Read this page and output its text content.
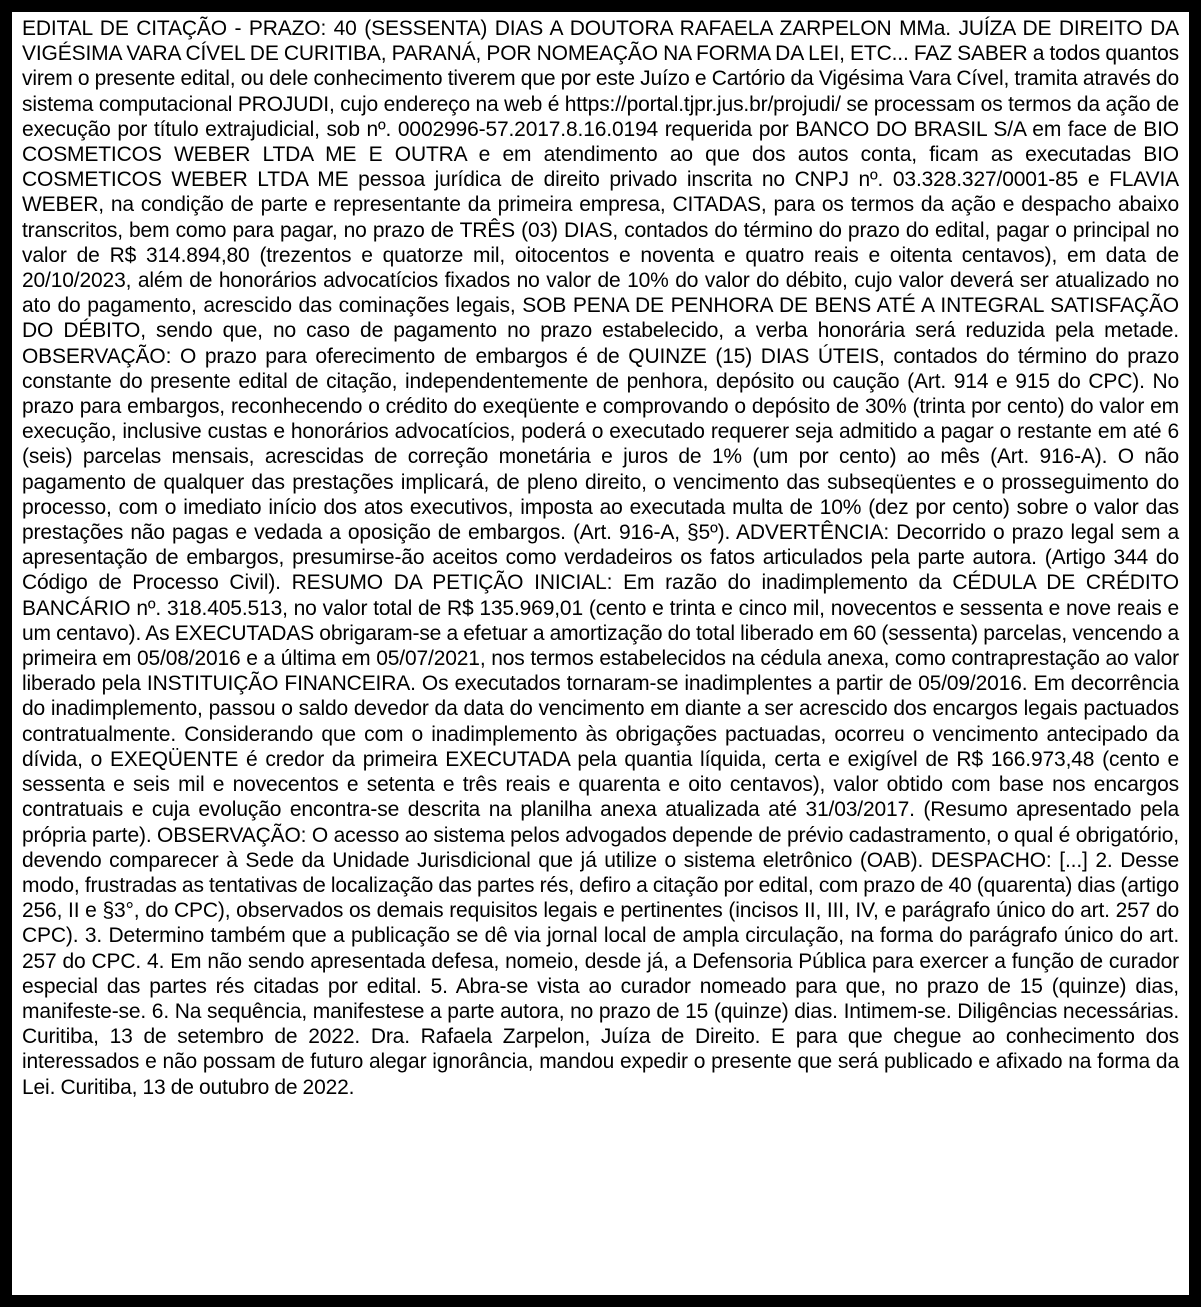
EDITAL DE CITAÇÃO - PRAZO: 40 (SESSENTA) DIAS A DOUTORA RAFAELA ZARPELON MMa. JUÍZA DE DIREITO DA VIGÉSIMA VARA CÍVEL DE CURITIBA, PARANÁ, POR NOMEAÇÃO NA FORMA DA LEI, ETC... FAZ SABER a todos quantos virem o presente edital, ou dele conhecimento tiverem que por este Juízo e Cartório da Vigésima Vara Cível, tramita através do sistema computacional PROJUDI, cujo endereço na web é https://portal.tjpr.jus.br/projudi/ se processam os termos da ação de execução por título extrajudicial, sob nº. 0002996-57.2017.8.16.0194 requerida por BANCO DO BRASIL S/A em face de BIO COSMETICOS WEBER LTDA ME E OUTRA e em atendimento ao que dos autos conta, ficam as executadas BIO COSMETICOS WEBER LTDA ME pessoa jurídica de direito privado inscrita no CNPJ nº. 03.328.327/0001-85 e FLAVIA WEBER, na condição de parte e representante da primeira empresa, CITADAS, para os termos da ação e despacho abaixo transcritos, bem como para pagar, no prazo de TRÊS (03) DIAS, contados do término do prazo do edital, pagar o principal no valor de R$ 314.894,80 (trezentos e quatorze mil, oitocentos e noventa e quatro reais e oitenta centavos), em data de 20/10/2023, além de honorários advocatícios fixados no valor de 10% do valor do débito, cujo valor deverá ser atualizado no ato do pagamento, acrescido das cominações legais, SOB PENA DE PENHORA DE BENS ATÉ A INTEGRAL SATISFAÇÃO DO DÉBITO, sendo que, no caso de pagamento no prazo estabelecido, a verba honorária será reduzida pela metade. OBSERVAÇÃO: O prazo para oferecimento de embargos é de QUINZE (15) DIAS ÚTEIS, contados do término do prazo constante do presente edital de citação, independentemente de penhora, depósito ou caução (Art. 914 e 915 do CPC). No prazo para embargos, reconhecendo o crédito do exeqüente e comprovando o depósito de 30% (trinta por cento) do valor em execução, inclusive custas e honorários advocatícios, poderá o executado requerer seja admitido a pagar o restante em até 6 (seis) parcelas mensais, acrescidas de correção monetária e juros de 1% (um por cento) ao mês (Art. 916-A). O não pagamento de qualquer das prestações implicará, de pleno direito, o vencimento das subseqüentes e o prosseguimento do processo, com o imediato início dos atos executivos, imposta ao executada multa de 10% (dez por cento) sobre o valor das prestações não pagas e vedada a oposição de embargos. (Art. 916-A, §5º). ADVERTÊNCIA: Decorrido o prazo legal sem a apresentação de embargos, presumirse-ão aceitos como verdadeiros os fatos articulados pela parte autora. (Artigo 344 do Código de Processo Civil). RESUMO DA PETIÇÃO INICIAL: Em razão do inadimplemento da CÉDULA DE CRÉDITO BANCÁRIO nº. 318.405.513, no valor total de R$ 135.969,01 (cento e trinta e cinco mil, novecentos e sessenta e nove reais e um centavo). As EXECUTADAS obrigaram-se a efetuar a amortização do total liberado em 60 (sessenta) parcelas, vencendo a primeira em 05/08/2016 e a última em 05/07/2021, nos termos estabelecidos na cédula anexa, como contraprestação ao valor liberado pela INSTITUIÇÃO FINANCEIRA. Os executados tornaram-se inadimplentes a partir de 05/09/2016. Em decorrência do inadimplemento, passou o saldo devedor da data do vencimento em diante a ser acrescido dos encargos legais pactuados contratualmente. Considerando que com o inadimplemento às obrigações pactuadas, ocorreu o vencimento antecipado da dívida, o EXEQÜENTE é credor da primeira EXECUTADA pela quantia líquida, certa e exigível de R$ 166.973,48 (cento e sessenta e seis mil e novecentos e setenta e três reais e quarenta e oito centavos), valor obtido com base nos encargos contratuais e cuja evolução encontra-se descrita na planilha anexa atualizada até 31/03/2017. (Resumo apresentado pela própria parte). OBSERVAÇÃO: O acesso ao sistema pelos advogados depende de prévio cadastramento, o qual é obrigatório, devendo comparecer à Sede da Unidade Jurisdicional que já utilize o sistema eletrônico (OAB). DESPACHO: [...] 2. Desse modo, frustradas as tentativas de localização das partes rés, defiro a citação por edital, com prazo de 40 (quarenta) dias (artigo 256, II e §3°, do CPC), observados os demais requisitos legais e pertinentes (incisos II, III, IV, e parágrafo único do art. 257 do CPC). 3. Determino também que a publicação se dê via jornal local de ampla circulação, na forma do parágrafo único do art. 257 do CPC. 4. Em não sendo apresentada defesa, nomeio, desde já, a Defensoria Pública para exercer a função de curador especial das partes rés citadas por edital. 5. Abra-se vista ao curador nomeado para que, no prazo de 15 (quinze) dias, manifeste-se. 6. Na sequência, manifestese a parte autora, no prazo de 15 (quinze) dias. Intimem-se. Diligências necessárias. Curitiba, 13 de setembro de 2022. Dra. Rafaela Zarpelon, Juíza de Direito. E para que chegue ao conhecimento dos interessados e não possam de futuro alegar ignorância, mandou expedir o presente que será publicado e afixado na forma da Lei. Curitiba, 13 de outubro de 2022.
